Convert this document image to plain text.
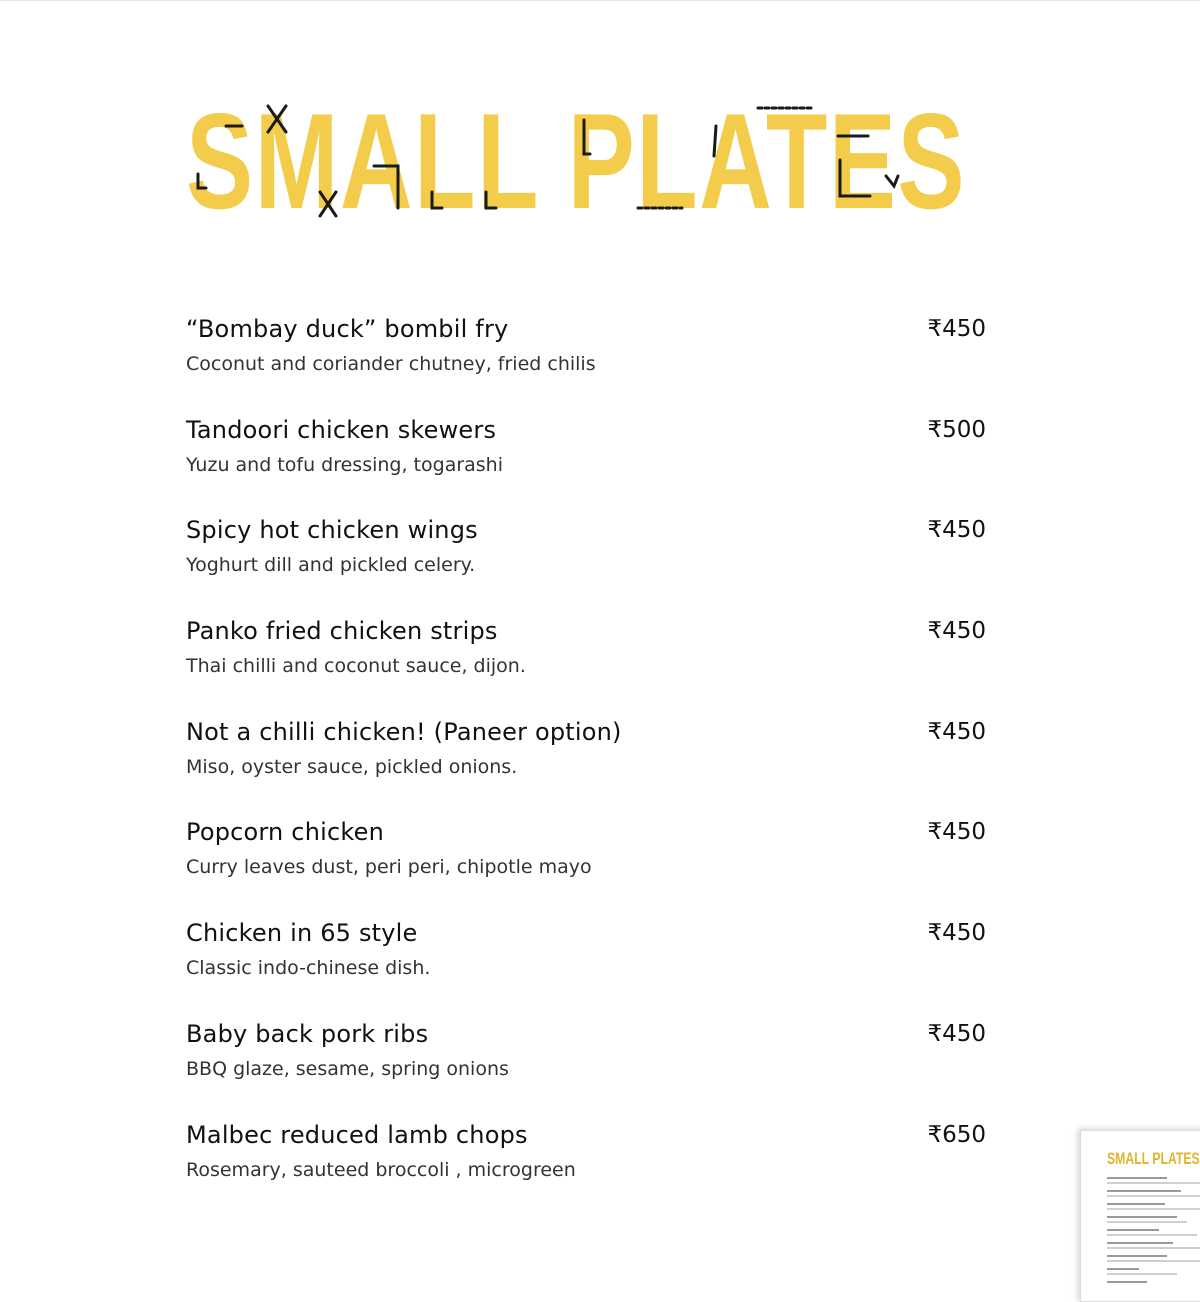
SMALL PLATES
“Bombay duck” bombil fry	₹450
Coconut and coriander chutney, fried chilis
Tandoori chicken skewers	₹500
Yuzu and tofu dressing, togarashi
Spicy hot chicken wings	₹450
Yoghurt dill and pickled celery.
Panko fried chicken strips	₹450
Thai chilli and coconut sauce, dijon.
Not a chilli chicken! (Paneer option)	₹450
Miso, oyster sauce, pickled onions.
Popcorn chicken	₹450
Curry leaves dust, peri peri, chipotle mayo
Chicken in 65 style	₹450
Classic indo-chinese dish.
Baby back pork ribs	₹450
BBQ glaze, sesame, spring onions
Malbec reduced lamb chops	₹650
Rosemary, sauteed broccoli , microgreen	SMALL PLATES
